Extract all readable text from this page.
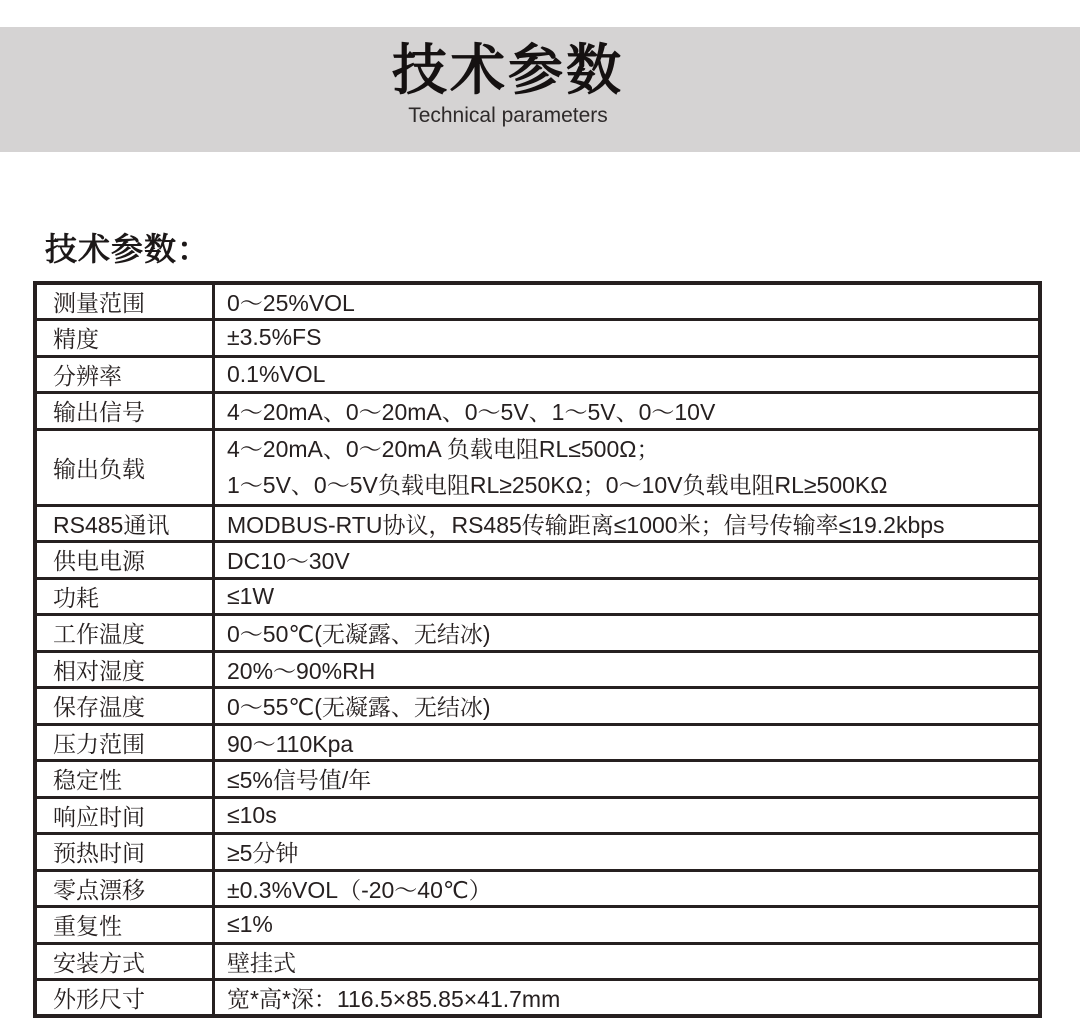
技术参数
Technical parameters
技术参数：
测量范围	0～25%VOL
精度	±3.5%FS
分辨率	0.1%VOL
输出信号	4～20mA、0～20mA、0～5V、1～5V、0～10V
输出负载	4～20mA、0～20mA 负载电阻RL≤500Ω；
1～5V、0～5V负载电阻RL≥250KΩ；0～10V负载电阻RL≥500KΩ

RS485通讯	MODBUS-RTU协议，RS485传输距离≤1000米；信号传输率≤19.2kbps
供电电源	DC10～30V
功耗	≤1W
工作温度	0～50℃(无凝露、无结冰)
相对湿度	20%～90%RH
保存温度	0～55℃(无凝露、无结冰)
压力范围	90～110Kpa
稳定性	≤5%信号值/年
响应时间	≤10s
预热时间	≥5分钟
零点漂移	±0.3%VOL（-20～40℃）
重复性	≤1%
安装方式	壁挂式
外形尺寸	宽*高*深：116.5×85.85×41.7mm
